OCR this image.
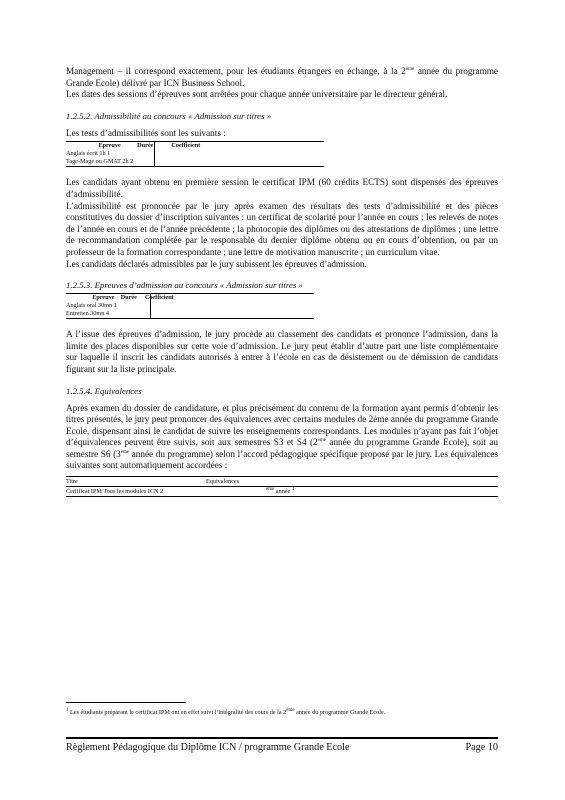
Management – il correspond exactement, pour les étudiants étrangers en échange, à la 2ème année du programme Grande Ecole) délivré par ICN Business School.

Les dates des sessions d’épreuves sont arrêtées pour chaque année universitaire par le directeur général.

1.2.5.2. Admissibilité au concours « Admission sur titres »

Les tests d’admissibilités sont les suivants :

Epreuve	Durée	Coefficient
Anglais écrit 1h 1		
Tage-Mage ou GMAT 2h 2		

Les candidats ayant obtenu en première session le certificat IPM (60 crédits ECTS) sont dispensés des épreuves d’admissibilité.

L’admissibilité est prononcée par le jury après examen des résultats des tests d’admissibilité et des pièces constitutives du dossier d’inscription suivantes : un certificat de scolarité pour l’année en cours ; les relevés de notes de l’année en cours et de l’année précédente ; la photocopie des diplômes ou des attestations de diplômes ; une lettre de recommandation complétée par le responsable du dernier diplôme obtenu ou en cours d’obtention, ou par un professeur de la formation correspondante ; une lettre de motivation manuscrite ; un curriculum vitae.

Les candidats déclarés admissibles par le jury subissent les épreuves d’admission.

1.2.5.3. Epreuves d’admission au concours « Admission sur titres »

Epreuve	Durée	Coefficient
Anglais oral 30mn 1		
Entretien 30mn 4		

A l’issue des épreuves d’admission, le jury procède au classement des candidats et prononce l’admission, dans la limite des places disponibles sur cette voie d’admission. Le jury peut établir d’autre part une liste complémentaire sur laquelle il inscrit les candidats autorisés à entrer à l’école en cas de désistement ou de démission de candidats figurant sur la liste principale.

1.2.5.4. Equivalences

Après examen du dossier de candidature, et plus précisément du contenu de la formation ayant permis d’obtenir les titres présentés, le jury peut prononcer des équivalences avec certains modules de 2ème année du programme Grande Ecole, dispensant ainsi le candidat de suivre les enseignements correspondants. Les modules n’ayant pas fait l’objet d’équivalences peuvent être suivis, soit aux semestres S3 et S4 (2ème année du programme Grande Ecole), soit au semestre S6 (3ème année du programme) selon l’accord pédagogique spécifique proposé par le jury. Les équivalences suivantes sont automatiquement accordées :

Titre	Equivalences
Certificat IPM Tous les modules ICN 2	$^{ème}$ année $^1$
$^1$ Les étudiants préparant le certificat IPM ont en effet suivi l’intégralité des cours de la 2ème année du programme Grande Ecole.
Règlement Pédagogique du Diplôme ICN / programme Grande Ecole	Page 10
